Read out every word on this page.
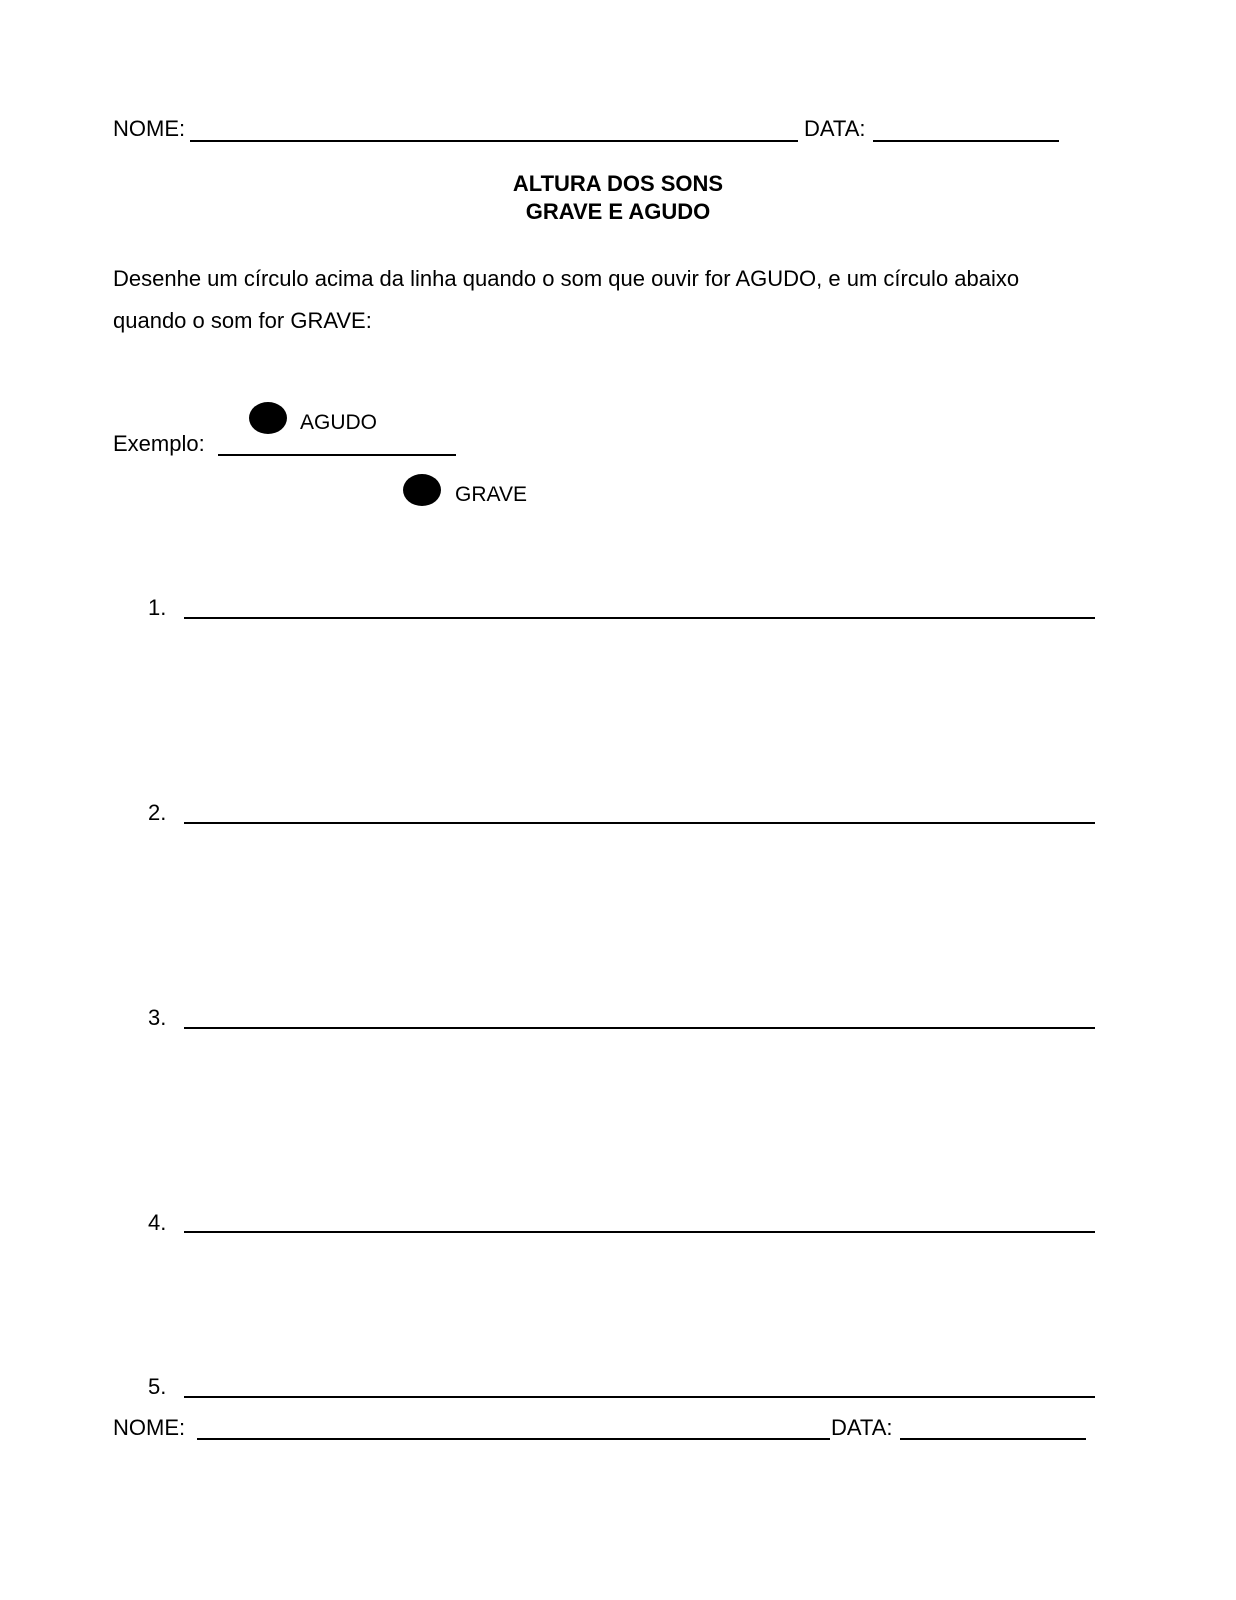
NOME:	DATA:
ALTURA DOS SONS
GRAVE E AGUDO
Desenhe um círculo acima da linha quando o som que ouvir for AGUDO, e um círculo abaixo
quando o som for GRAVE:
Exemplo:
AGUDO
GRAVE
1.
2.
3.
4.
5.
NOME:	DATA:
